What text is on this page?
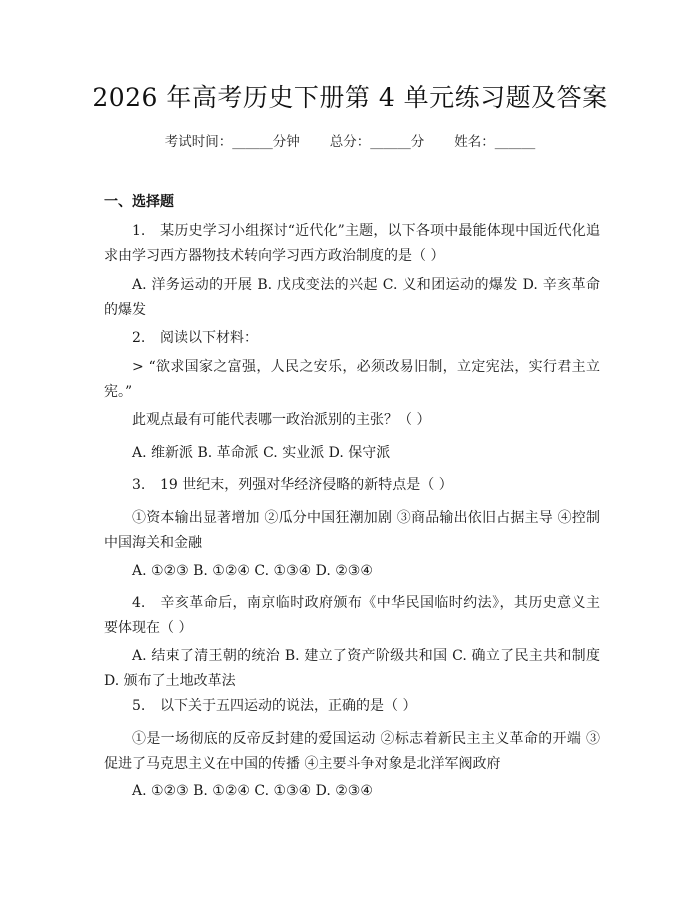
2026 年高考历史下册第 4 单元练习题及答案
考试时间：______分钟 总分：______分 姓名：______
一、选择题
1. 某历史学习小组探讨“近代化”主题，以下各项中最能体现中国近代化追求由学习西方器物技术转向学习西方政治制度的是（ ）
A. 洋务运动的开展 B. 戊戌变法的兴起 C. 义和团运动的爆发 D. 辛亥革命的爆发
2. 阅读以下材料：
> “欲求国家之富强，人民之安乐，必须改易旧制，立定宪法，实行君主立宪。”
此观点最有可能代表哪一政治派别的主张？（ ）
A. 维新派 B. 革命派 C. 实业派 D. 保守派
3. 19 世纪末，列强对华经济侵略的新特点是（ ）
①资本输出显著增加 ②瓜分中国狂潮加剧 ③商品输出依旧占据主导 ④控制中国海关和金融
A. ①②③ B. ①②④ C. ①③④ D. ②③④
4. 辛亥革命后，南京临时政府颁布《中华民国临时约法》，其历史意义主要体现在（ ）
A. 结束了清王朝的统治 B. 建立了资产阶级共和国 C. 确立了民主共和制度 D. 颁布了土地改革法
5. 以下关于五四运动的说法，正确的是（ ）
①是一场彻底的反帝反封建的爱国运动 ②标志着新民主主义革命的开端 ③促进了马克思主义在中国的传播 ④主要斗争对象是北洋军阀政府
A. ①②③ B. ①②④ C. ①③④ D. ②③④
